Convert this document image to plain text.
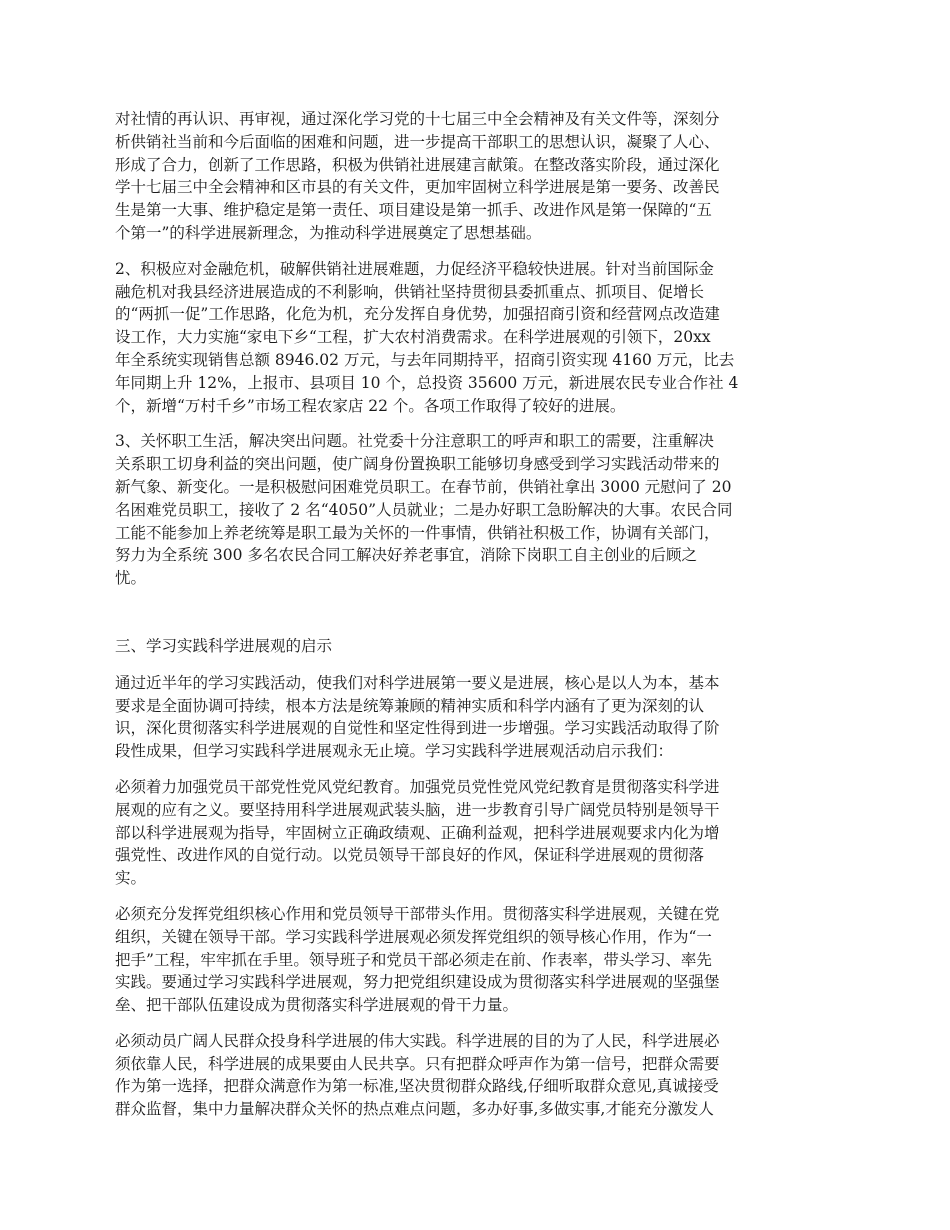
对社情的再认识、再审视，通过深化学习党的十七届三中全会精神及有关文件等，深刻分
析供销社当前和今后面临的困难和问题，进一步提高干部职工的思想认识，凝聚了人心、
形成了合力，创新了工作思路，积极为供销社进展建言献策。在整改落实阶段，通过深化
学十七届三中全会精神和区市县的有关文件，更加牢固树立科学进展是第一要务、改善民
生是第一大事、维护稳定是第一责任、项目建设是第一抓手、改进作风是第一保障的“五
个第一”的科学进展新理念，为推动科学进展奠定了思想基础。

2、积极应对金融危机，破解供销社进展难题，力促经济平稳较快进展。针对当前国际金
融危机对我县经济进展造成的不利影响，供销社坚持贯彻县委抓重点、抓项目、促增长
的“两抓一促”工作思路，化危为机，充分发挥自身优势，加强招商引资和经营网点改造建
设工作，大力实施“家电下乡“工程，扩大农村消费需求。在科学进展观的引领下，20xx
年全系统实现销售总额 8946.02 万元，与去年同期持平，招商引资实现 4160 万元，比去
年同期上升 12%，上报市、县项目 10 个，总投资 35600 万元，新进展农民专业合作社 4
个，新增“万村千乡”市场工程农家店 22 个。各项工作取得了较好的进展。

3、关怀职工生活，解决突出问题。社党委十分注意职工的呼声和职工的需要，注重解决
关系职工切身利益的突出问题，使广阔身份置换职工能够切身感受到学习实践活动带来的
新气象、新变化。一是积极慰问困难党员职工。在春节前，供销社拿出 3000 元慰问了 20
名困难党员职工，接收了 2 名“4050”人员就业；二是办好职工急盼解决的大事。农民合同
工能不能参加上养老统筹是职工最为关怀的一件事情，供销社积极工作，协调有关部门，
努力为全系统 300 多名农民合同工解决好养老事宜，消除下岗职工自主创业的后顾之
忧。

三、学习实践科学进展观的启示

通过近半年的学习实践活动，使我们对科学进展第一要义是进展，核心是以人为本，基本
要求是全面协调可持续，根本方法是统筹兼顾的精神实质和科学内涵有了更为深刻的认
识，深化贯彻落实科学进展观的自觉性和坚定性得到进一步增强。学习实践活动取得了阶
段性成果，但学习实践科学进展观永无止境。学习实践科学进展观活动启示我们：

必须着力加强党员干部党性党风党纪教育。加强党员党性党风党纪教育是贯彻落实科学进
展观的应有之义。要坚持用科学进展观武装头脑，进一步教育引导广阔党员特别是领导干
部以科学进展观为指导，牢固树立正确政绩观、正确利益观，把科学进展观要求内化为增
强党性、改进作风的自觉行动。以党员领导干部良好的作风，保证科学进展观的贯彻落
实。

必须充分发挥党组织核心作用和党员领导干部带头作用。贯彻落实科学进展观，关键在党
组织，关键在领导干部。学习实践科学进展观必须发挥党组织的领导核心作用，作为“一
把手”工程，牢牢抓在手里。领导班子和党员干部必须走在前、作表率，带头学习、率先
实践。要通过学习实践科学进展观，努力把党组织建设成为贯彻落实科学进展观的坚强堡
垒、把干部队伍建设成为贯彻落实科学进展观的骨干力量。

必须动员广阔人民群众投身科学进展的伟大实践。科学进展的目的为了人民，科学进展必
须依靠人民，科学进展的成果要由人民共享。只有把群众呼声作为第一信号，把群众需要
作为第一选择，把群众满意作为第一标准,坚决贯彻群众路线,仔细听取群众意见,真诚接受
群众监督，集中力量解决群众关怀的热点难点问题，多办好事,多做实事,才能充分激发人
